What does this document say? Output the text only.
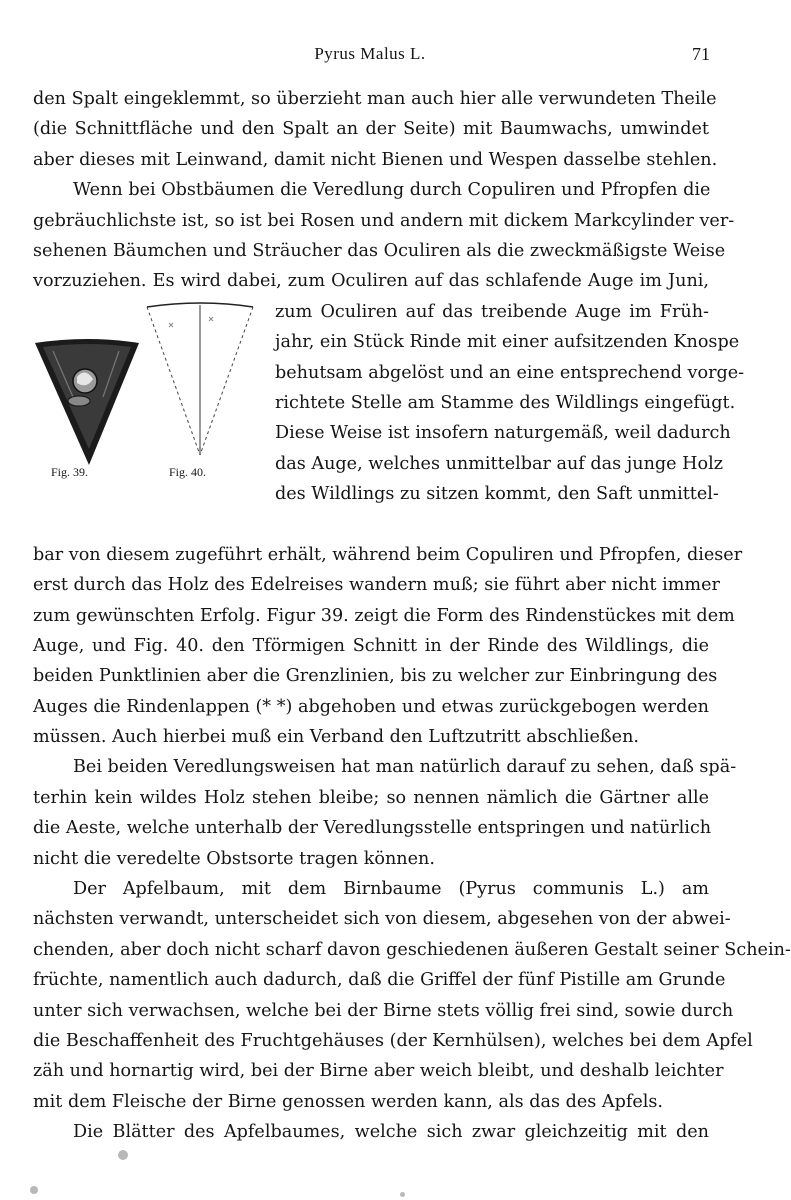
Pyrus Malus L.	71
den Spalt eingeklemmt, so überzieht man auch hier alle verwundeten Theile
(die Schnittfläche und den Spalt an der Seite) mit Baumwachs, umwindet
aber dieses mit Leinwand, damit nicht Bienen und Wespen dasselbe stehlen.
Wenn bei Obstbäumen die Veredlung durch Copuliren und Pfropfen die
gebräuchlichste ist, so ist bei Rosen und andern mit dickem Markcylinder ver-
sehenen Bäumchen und Sträucher das Oculiren als die zweckmäßigste Weise
vorzuziehen. Es wird dabei, zum Oculiren auf das schlafende Auge im Juni,
Fig. 39.	Fig. 40.
zum Oculiren auf das treibende Auge im Früh-
jahr, ein Stück Rinde mit einer aufsitzenden Knospe
behutsam abgelöst und an eine entsprechend vorge-
richtete Stelle am Stamme des Wildlings eingefügt.
Diese Weise ist insofern naturgemäß, weil dadurch
das Auge, welches unmittelbar auf das junge Holz
des Wildlings zu sitzen kommt, den Saft unmittel-
bar von diesem zugeführt erhält, während beim Copuliren und Pfropfen, dieser
erst durch das Holz des Edelreises wandern muß; sie führt aber nicht immer
zum gewünschten Erfolg. Figur 39. zeigt die Form des Rindenstückes mit dem
Auge, und Fig. 40. den Tförmigen Schnitt in der Rinde des Wildlings, die
beiden Punktlinien aber die Grenzlinien, bis zu welcher zur Einbringung des
Auges die Rindenlappen (* *) abgehoben und etwas zurückgebogen werden
müssen. Auch hierbei muß ein Verband den Luftzutritt abschließen.
Bei beiden Veredlungsweisen hat man natürlich darauf zu sehen, daß spä-
terhin kein wildes Holz stehen bleibe; so nennen nämlich die Gärtner alle
die Aeste, welche unterhalb der Veredlungsstelle entspringen und natürlich
nicht die veredelte Obstsorte tragen können.
Der Apfelbaum, mit dem Birnbaume (Pyrus communis L.) am
nächsten verwandt, unterscheidet sich von diesem, abgesehen von der abwei-
chenden, aber doch nicht scharf davon geschiedenen äußeren Gestalt seiner Schein-
früchte, namentlich auch dadurch, daß die Griffel der fünf Pistille am Grunde
unter sich verwachsen, welche bei der Birne stets völlig frei sind, sowie durch
die Beschaffenheit des Fruchtgehäuses (der Kernhülsen), welches bei dem Apfel
zäh und hornartig wird, bei der Birne aber weich bleibt, und deshalb leichter
mit dem Fleische der Birne genossen werden kann, als das des Apfels.
Die Blätter des Apfelbaumes, welche sich zwar gleichzeitig mit den
